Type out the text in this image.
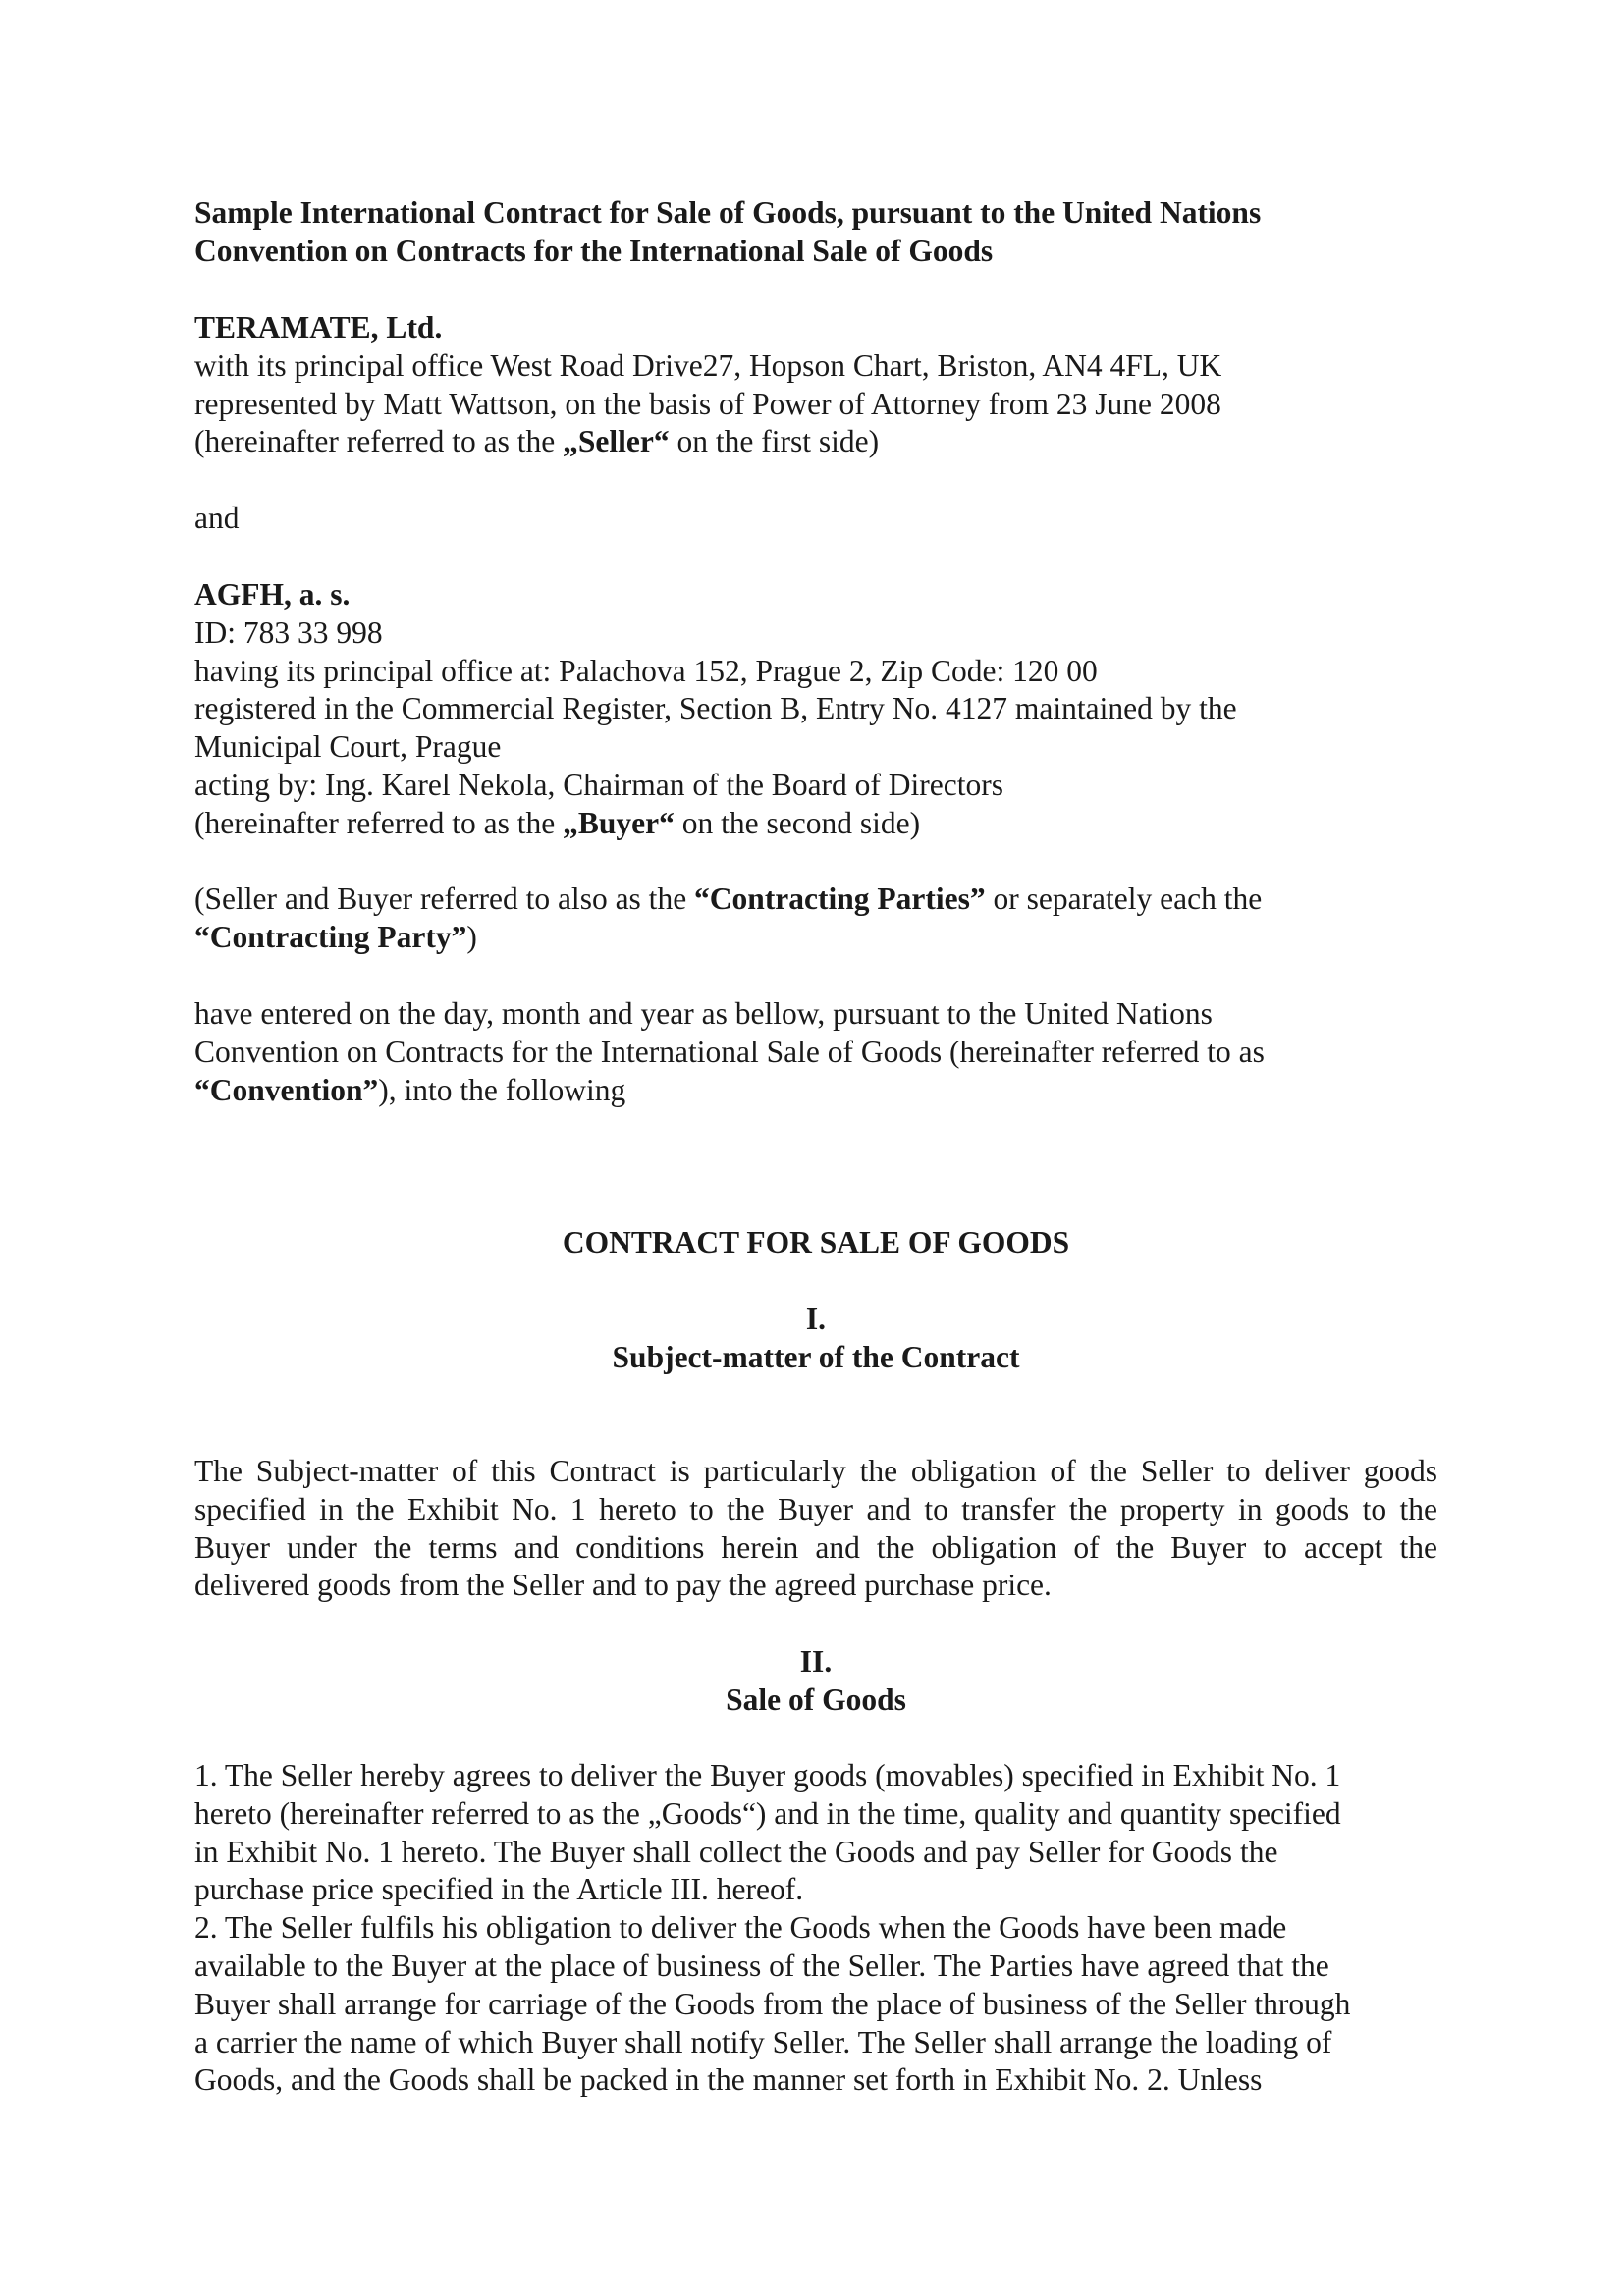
Sample International Contract for Sale of Goods, pursuant to the United Nations
Convention on Contracts for the International Sale of Goods
TERAMATE, Ltd.
with its principal office West Road Drive27, Hopson Chart, Briston, AN4 4FL, UK
represented by Matt Wattson, on the basis of Power of Attorney from 23 June 2008
(hereinafter referred to as the „Seller“ on the first side)
and
AGFH, a. s.
ID: 783 33 998
having its principal office at: Palachova 152, Prague 2, Zip Code: 120 00
registered in the Commercial Register, Section B, Entry No. 4127 maintained by the
Municipal Court, Prague
acting by: Ing. Karel Nekola, Chairman of the Board of Directors
(hereinafter referred to as the „Buyer“ on the second side)
(Seller and Buyer referred to also as the “Contracting Parties” or separately each the
“Contracting Party”)
have entered on the day, month and year as bellow, pursuant to the United Nations
Convention on Contracts for the International Sale of Goods (hereinafter referred to as
“Convention”), into the following
CONTRACT FOR SALE OF GOODS
I.
Subject-matter of the Contract
The Subject-matter of this Contract is particularly the obligation of the Seller to deliver goods
specified in the Exhibit No. 1 hereto to the Buyer and to transfer the property in goods to the
Buyer under the terms and conditions herein and the obligation of the Buyer to accept the
delivered goods from the Seller and to pay the agreed purchase price.
II.
Sale of Goods
1. The Seller hereby agrees to deliver the Buyer goods (movables) specified in Exhibit No. 1
hereto (hereinafter referred to as the „Goods“) and in the time, quality and quantity specified
in Exhibit No. 1 hereto. The Buyer shall collect the Goods and pay Seller for Goods the
purchase price specified in the Article III. hereof.
2. The Seller fulfils his obligation to deliver the Goods when the Goods have been made
available to the Buyer at the place of business of the Seller. The Parties have agreed that the
Buyer shall arrange for carriage of the Goods from the place of business of the Seller through
a carrier the name of which Buyer shall notify Seller. The Seller shall arrange the loading of
Goods, and the Goods shall be packed in the manner set forth in Exhibit No. 2. Unless
